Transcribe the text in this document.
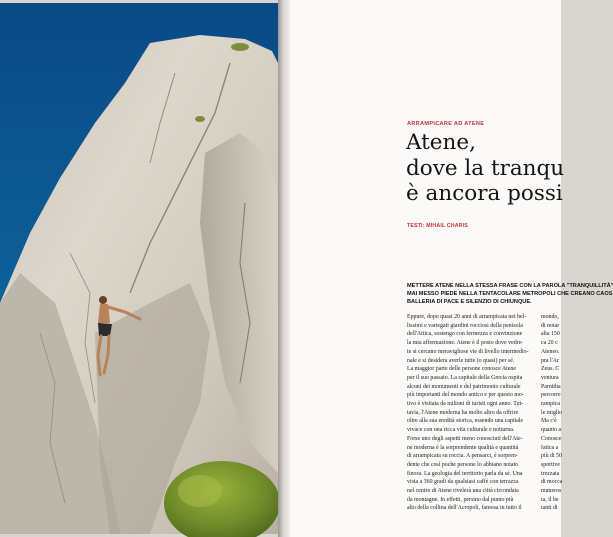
ARRAMPICARE AD ATENE
Atene,
dove la tranqu
è ancora possi
TESTI: MIHAIL CHARIS
METTERE ATENE NELLA STESSA FRASE CON LA PAROLA "TRANQUILLITÀ"
MAI MESSO PIEDE NELLA TENTACOLARE METROPOLI CHE CREANO CAOS
BALLERIA DI PACE E SILENZIO DI CHIUNQUE.
Eppure, dopo quasi 20 anni di arrampicata nei bel-
lissimi e variegati giardini rocciosi della penisola
dell'Attica, sostengo con fermezza e convinzione
la mia affermazione. Atene è il posto dove vedre-
te si cercano meravigliose vie di livello intermedio-
nale e si desidera averle tutte (o quasi) per sé.
La maggior parte delle persone conosce Atene
per il suo passato. La capitale della Grecia ospita
alcuni dei monumenti e del patrimonio culturale
più importanti del mondo antico e per questo mo-
tivo è visitata da milioni di turisti ogni anno. Tut-
tavia, l'Atene moderna ha molto altro da offrire
oltre alla sua eredità storica, essendo una capitale
vivace con una ricca vita culturale e notturna.
Forse uno degli aspetti meno conosciuti dell'Ate-
ne moderna è la sorprendente qualità e quantità
di arrampicata su roccia. A pensarci, è sorpren-
dente che così poche persone lo abbiano notato
finora. La geologia del territorio parla da sé. Una
vista a 360 gradi da qualsiasi caffè con terrazza
nel centro di Atene rivelerà una città circondata
da montagne. In effetti, persino dal punto più
alto della collina dell'Acropoli, famosa in tutto il
mondo,
di notar
alta 150
ca 20 c
Ateneo.
pra l'Ar
Zeus. C
ventura
Parnitha
percorre
rampica
le miglio
Ma c'è
quanto a
Conosce
fatica a
più di 50
sportive
trezzata
di mocca
numeros
ta, il be
tanti di
